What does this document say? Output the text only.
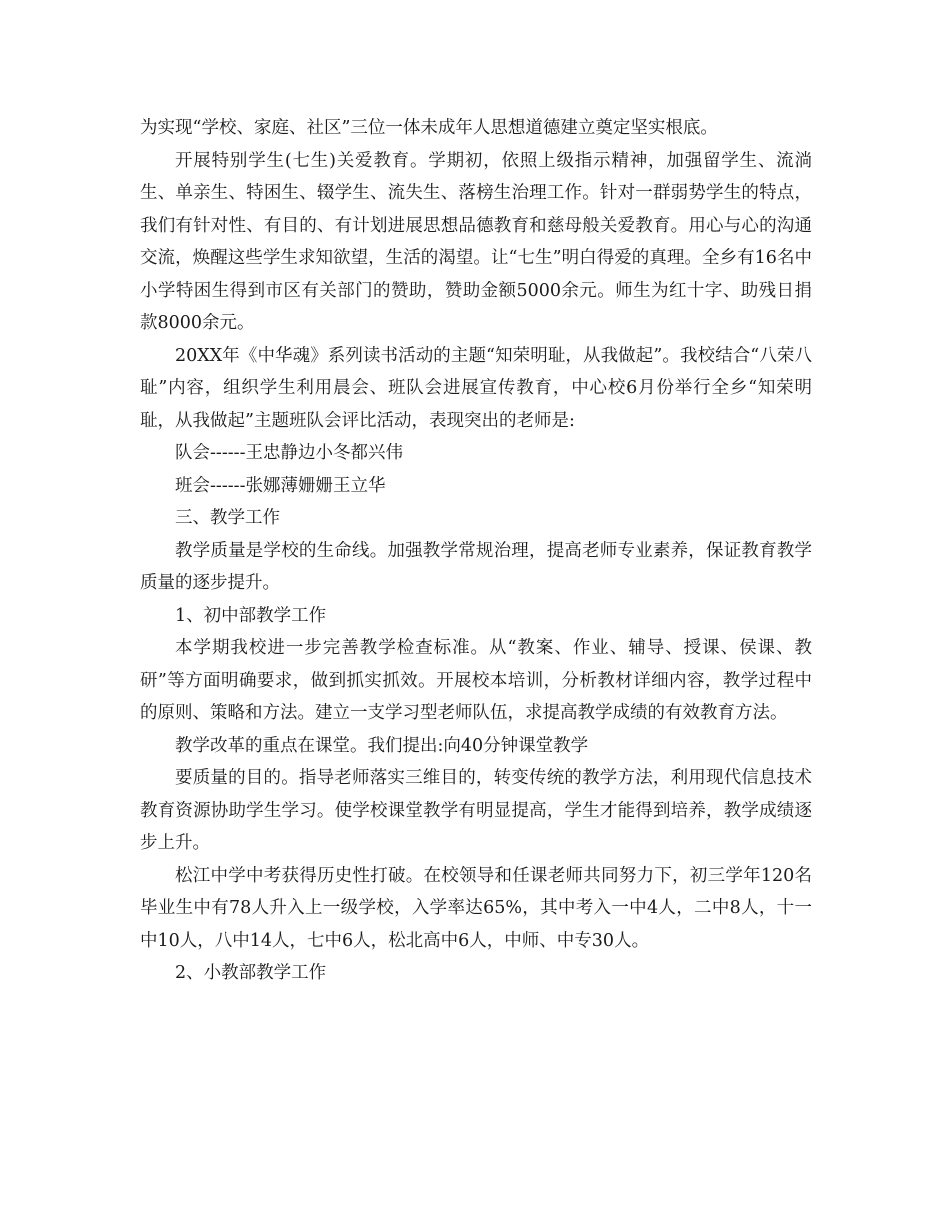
为实现“学校、家庭、社区”三位一体未成年人思想道德建立奠定坚实根底。

开展特别学生(七生)关爱教育。学期初，依照上级指示精神，加强留学生、流淌生、单亲生、特困生、辍学生、流失生、落榜生治理工作。针对一群弱势学生的特点，我们有针对性、有目的、有计划进展思想品德教育和慈母般关爱教育。用心与心的沟通交流，焕醒这些学生求知欲望，生活的渴望。让“七生”明白得爱的真理。全乡有16名中小学特困生得到市区有关部门的赞助，赞助金额5000余元。师生为红十字、助残日捐款8000余元。

20XX年《中华魂》系列读书活动的主题“知荣明耻，从我做起”。我校结合“八荣八耻”内容，组织学生利用晨会、班队会进展宣传教育，中心校6月份举行全乡“知荣明耻，从我做起”主题班队会评比活动，表现突出的老师是:

队会------王忠静边小冬都兴伟

班会------张娜薄姗姗王立华

三、教学工作

教学质量是学校的生命线。加强教学常规治理，提高老师专业素养，保证教育教学质量的逐步提升。

1、初中部教学工作

本学期我校进一步完善教学检查标准。从“教案、作业、辅导、授课、侯课、教研”等方面明确要求，做到抓实抓效。开展校本培训，分析教材详细内容，教学过程中的原则、策略和方法。建立一支学习型老师队伍，求提高教学成绩的有效教育方法。

教学改革的重点在课堂。我们提出:向40分钟课堂教学

要质量的目的。指导老师落实三维目的，转变传统的教学方法，利用现代信息技术教育资源协助学生学习。使学校课堂教学有明显提高，学生才能得到培养，教学成绩逐步上升。

松江中学中考获得历史性打破。在校领导和任课老师共同努力下，初三学年120名毕业生中有78人升入上一级学校，入学率达65%，其中考入一中4人，二中8人，十一中10人，八中14人，七中6人，松北高中6人，中师、中专30人。

2、小教部教学工作
